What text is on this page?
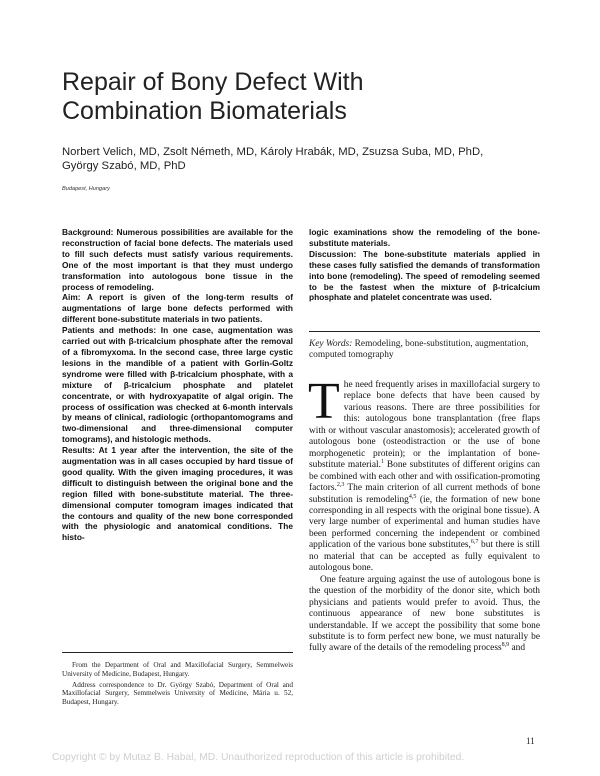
Repair of Bony Defect With
Combination Biomaterials
Norbert Velich, MD, Zsolt Németh, MD, Károly Hrabák, MD, Zsuzsa Suba, MD, PhD,
György Szabó, MD, PhD
Budapest, Hungary

Background: Numerous possibilities are available for the reconstruction of facial bone defects. The materials used to fill such defects must satisfy various requirements. One of the most important is that they must undergo transformation into autologous bone tissue in the process of remodeling.

Aim: A report is given of the long-term results of augmentations of large bone defects performed with different bone-substitute materials in two patients.

Patients and methods: In one case, augmentation was carried out with β-tricalcium phosphate after the removal of a fibromyxoma. In the second case, three large cystic lesions in the mandible of a patient with Gorlin-Goltz syndrome were filled with β-tricalcium phosphate, with a mixture of β-tricalcium phosphate and platelet concentrate, or with hydroxyapatite of algal origin. The process of ossification was checked at 6-month intervals by means of clinical, radiologic (orthopantomograms and two-dimensional and three-dimensional computer tomograms), and histologic methods.

Results: At 1 year after the intervention, the site of the augmentation was in all cases occupied by hard tissue of good quality. With the given imaging procedures, it was difficult to distinguish between the original bone and the region filled with bone-substitute material. The three-dimensional computer tomogram images indicated that the contours and quality of the new bone corresponded with the physiologic and anatomical conditions. The histo-

logic examinations show the remodeling of the bone-substitute materials.

Discussion: The bone-substitute materials applied in these cases fully satisfied the demands of transformation into bone (remodeling). The speed of remodeling seemed to be the fastest when the mixture of β-tricalcium phosphate and platelet concentrate was used.

Key Words: Remodeling, bone-substitution, augmentation, computed tomography

The need frequently arises in maxillofacial surgery to replace bone defects that have been caused by various reasons. There are three possibilities for this: autologous bone transplantation (free flaps with or without vascular anastomosis); accelerated growth of autologous bone (osteodistraction or the use of bone morphogenetic protein); or the implantation of bone-substitute material.$^1$ Bone substitutes of different origins can be combined with each other and with ossification-promoting factors.$^{2,3}$ The main criterion of all current methods of bone substitution is remodeling$^{4,5}$ (ie, the formation of new bone corresponding in all respects with the original bone tissue). A very large number of experimental and human studies have been performed concerning the independent or combined application of the various bone substitutes,$^{6,7}$ but there is still no material that can be accepted as fully equivalent to autologous bone.

One feature arguing against the use of autologous bone is the question of the morbidity of the donor site, which both physicians and patients would prefer to avoid. Thus, the continuous appearance of new bone substitutes is understandable. If we accept the possibility that some bone substitute is to form perfect new bone, we must naturally be fully aware of the details of the remodeling process$^{8,9}$ and

From the Department of Oral and Maxillofacial Surgery, Semmelweis University of Medicine, Budapest, Hungary.

Address correspondence to Dr. György Szabó, Department of Oral and Maxillofacial Surgery, Semmelweis University of Medicine, Mária u. 52, Budapest, Hungary.

11
Copyright © by Mutaz B. Habal, MD. Unauthorized reproduction of this article is prohibited.
